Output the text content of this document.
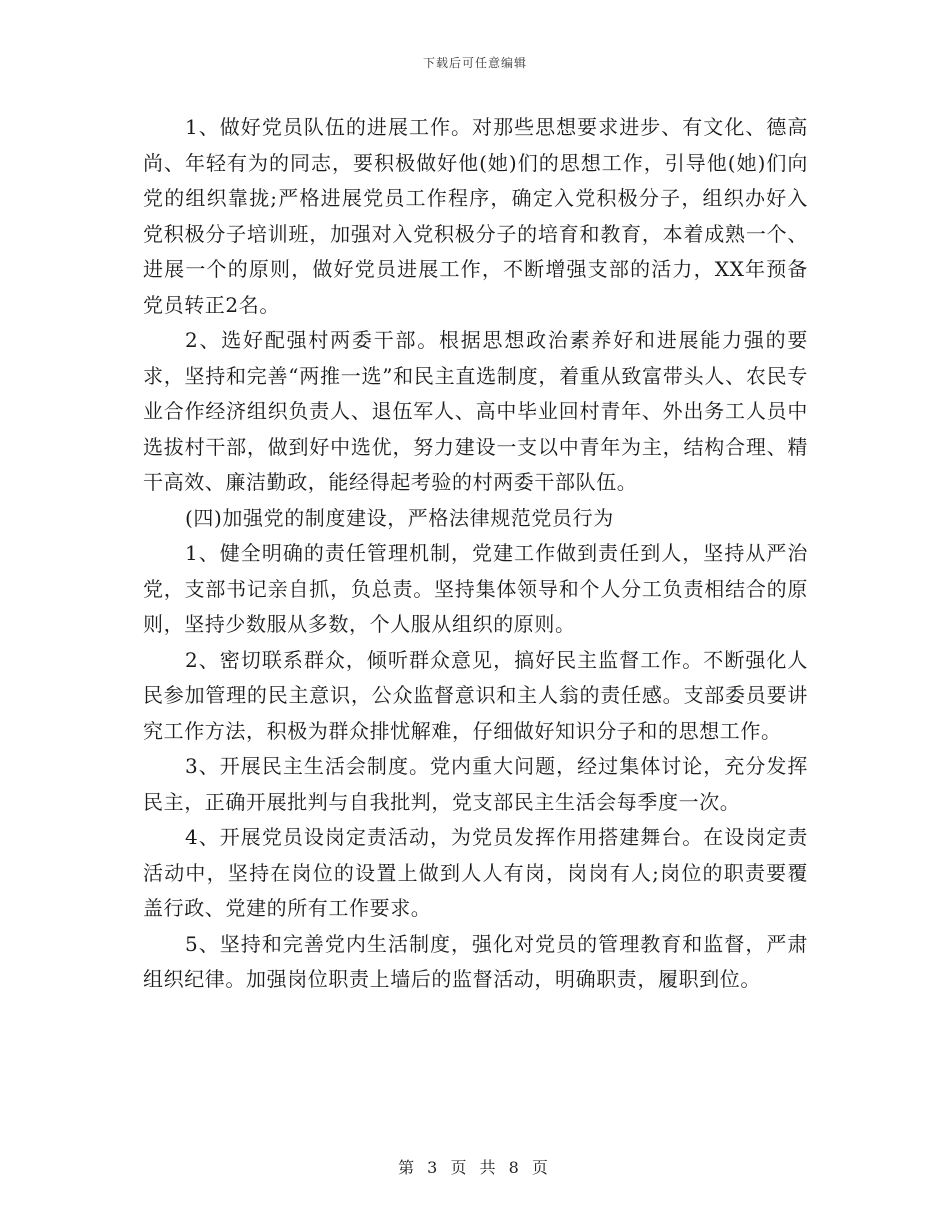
下载后可任意编辑

1、做好党员队伍的进展工作。对那些思想要求进步、有文化、德高尚、年轻有为的同志，要积极做好他(她)们的思想工作，引导他(她)们向党的组织靠拢;严格进展党员工作程序，确定入党积极分子，组织办好入党积极分子培训班，加强对入党积极分子的培育和教育，本着成熟一个、进展一个的原则，做好党员进展工作，不断增强支部的活力，XX年预备党员转正2名。

2、选好配强村两委干部。根据思想政治素养好和进展能力强的要求，坚持和完善“两推一选”和民主直选制度，着重从致富带头人、农民专业合作经济组织负责人、退伍军人、高中毕业回村青年、外出务工人员中选拔村干部，做到好中选优，努力建设一支以中青年为主，结构合理、精干高效、廉洁勤政，能经得起考验的村两委干部队伍。

(四)加强党的制度建设，严格法律规范党员行为

1、健全明确的责任管理机制，党建工作做到责任到人，坚持从严治党，支部书记亲自抓，负总责。坚持集体领导和个人分工负责相结合的原则，坚持少数服从多数，个人服从组织的原则。

2、密切联系群众，倾听群众意见，搞好民主监督工作。不断强化人民参加管理的民主意识，公众监督意识和主人翁的责任感。支部委员要讲究工作方法，积极为群众排忧解难，仔细做好知识分子和的思想工作。

3、开展民主生活会制度。党内重大问题，经过集体讨论，充分发挥民主，正确开展批判与自我批判，党支部民主生活会每季度一次。

4、开展党员设岗定责活动，为党员发挥作用搭建舞台。在设岗定责活动中，坚持在岗位的设置上做到人人有岗，岗岗有人;岗位的职责要覆盖行政、党建的所有工作要求。

5、坚持和完善党内生活制度，强化对党员的管理教育和监督，严肃组织纪律。加强岗位职责上墙后的监督活动，明确职责，履职到位。

第 3 页 共 8 页
